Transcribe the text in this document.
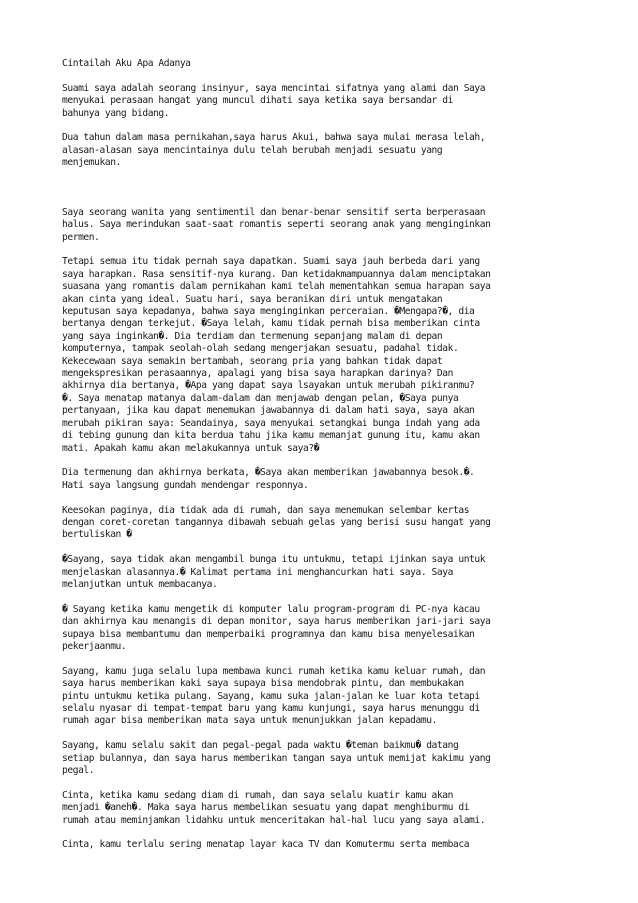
Cintailah Aku Apa Adanya

Suami saya adalah seorang insinyur, saya mencintai sifatnya yang alami dan Saya
menyukai perasaan hangat yang muncul dihati saya ketika saya bersandar di
bahunya yang bidang.

Dua tahun dalam masa pernikahan,saya harus Akui, bahwa saya mulai merasa lelah,
alasan-alasan saya mencintainya dulu telah berubah menjadi sesuatu yang
menjemukan.

Saya seorang wanita yang sentimentil dan benar-benar sensitif serta berperasaan
halus. Saya merindukan saat-saat romantis seperti seorang anak yang menginginkan
permen.

Tetapi semua itu tidak pernah saya dapatkan. Suami saya jauh berbeda dari yang
saya harapkan. Rasa sensitif-nya kurang. Dan ketidakmampuannya dalam menciptakan
suasana yang romantis dalam pernikahan kami telah mementahkan semua harapan saya
akan cinta yang ideal. Suatu hari, saya beranikan diri untuk mengatakan
keputusan saya kepadanya, bahwa saya menginginkan perceraian. �Mengapa?�, dia
bertanya dengan terkejut. �Saya lelah, kamu tidak pernah bisa memberikan cinta
yang saya inginkan�. Dia terdiam dan termenung sepanjang malam di depan
komputernya, tampak seolah-olah sedang mengerjakan sesuatu, padahal tidak.
Kekecewaan saya semakin bertambah, seorang pria yang bahkan tidak dapat
mengekspresikan perasaannya, apalagi yang bisa saya harapkan darinya? Dan
akhirnya dia bertanya, �Apa yang dapat saya lsayakan untuk merubah pikiranmu?
�. Saya menatap matanya dalam-dalam dan menjawab dengan pelan, �Saya punya
pertanyaan, jika kau dapat menemukan jawabannya di dalam hati saya, saya akan
merubah pikiran saya: Seandainya, saya menyukai setangkai bunga indah yang ada
di tebing gunung dan kita berdua tahu jika kamu memanjat gunung itu, kamu akan
mati. Apakah kamu akan melakukannya untuk saya?�

Dia termenung dan akhirnya berkata, �Saya akan memberikan jawabannya besok.�.
Hati saya langsung gundah mendengar responnya.

Keesokan paginya, dia tidak ada di rumah, dan saya menemukan selembar kertas
dengan coret-coretan tangannya dibawah sebuah gelas yang berisi susu hangat yang
bertuliskan �

�Sayang, saya tidak akan mengambil bunga itu untukmu, tetapi ijinkan saya untuk
menjelaskan alasannya.� Kalimat pertama ini menghancurkan hati saya. Saya
melanjutkan untuk membacanya.

� Sayang ketika kamu mengetik di komputer lalu program-program di PC-nya kacau
dan akhirnya kau menangis di depan monitor, saya harus memberikan jari-jari saya
supaya bisa membantumu dan memperbaiki programnya dan kamu bisa menyelesaikan
pekerjaanmu.

Sayang, kamu juga selalu lupa membawa kunci rumah ketika kamu keluar rumah, dan
saya harus memberikan kaki saya supaya bisa mendobrak pintu, dan membukakan
pintu untukmu ketika pulang. Sayang, kamu suka jalan-jalan ke luar kota tetapi
selalu nyasar di tempat-tempat baru yang kamu kunjungi, saya harus menunggu di
rumah agar bisa memberikan mata saya untuk menunjukkan jalan kepadamu.

Sayang, kamu selalu sakit dan pegal-pegal pada waktu �teman baikmu� datang
setiap bulannya, dan saya harus memberikan tangan saya untuk memijat kakimu yang
pegal.

Cinta, ketika kamu sedang diam di rumah, dan saya selalu kuatir kamu akan
menjadi �aneh�. Maka saya harus membelikan sesuatu yang dapat menghiburmu di
rumah atau meminjamkan lidahku untuk menceritakan hal-hal lucu yang saya alami.

Cinta, kamu terlalu sering menatap layar kaca TV dan Komutermu serta membaca
